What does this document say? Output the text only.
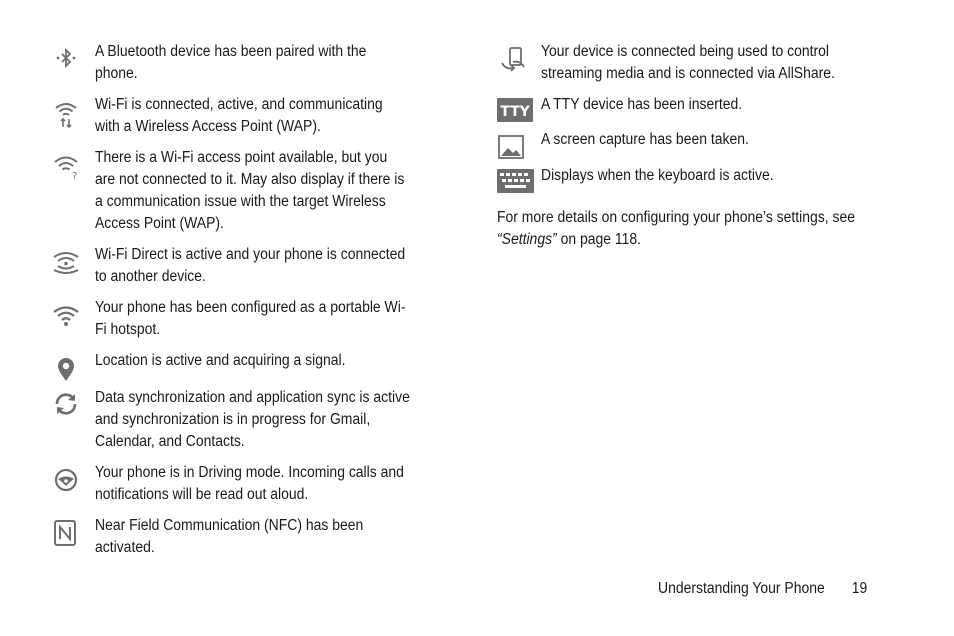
A Bluetooth device has been paired with the phone.
Wi-Fi is connected, active, and communicating with a Wireless Access Point (WAP).
?
There is a Wi-Fi access point available, but you are not connected to it. May also display if there is a communication issue with the target Wireless Access Point (WAP).
Wi-Fi Direct is active and your phone is connected to another device.
Your phone has been configured as a portable Wi-Fi hotspot.
Location is active and acquiring a signal.
Data synchronization and application sync is active and synchronization is in progress for Gmail, Calendar, and Contacts.
Your phone is in Driving mode. Incoming calls and notifications will be read out aloud.
Near Field Communication (NFC) has been activated.
Your device is connected being used to control streaming media and is connected via AllShare.
TTY A TTY device has been inserted.
A screen capture has been taken.
Displays when the keyboard is active.
For more details on configuring your phone’s settings, see “Settings” on page 118.
Understanding Your Phone 19
